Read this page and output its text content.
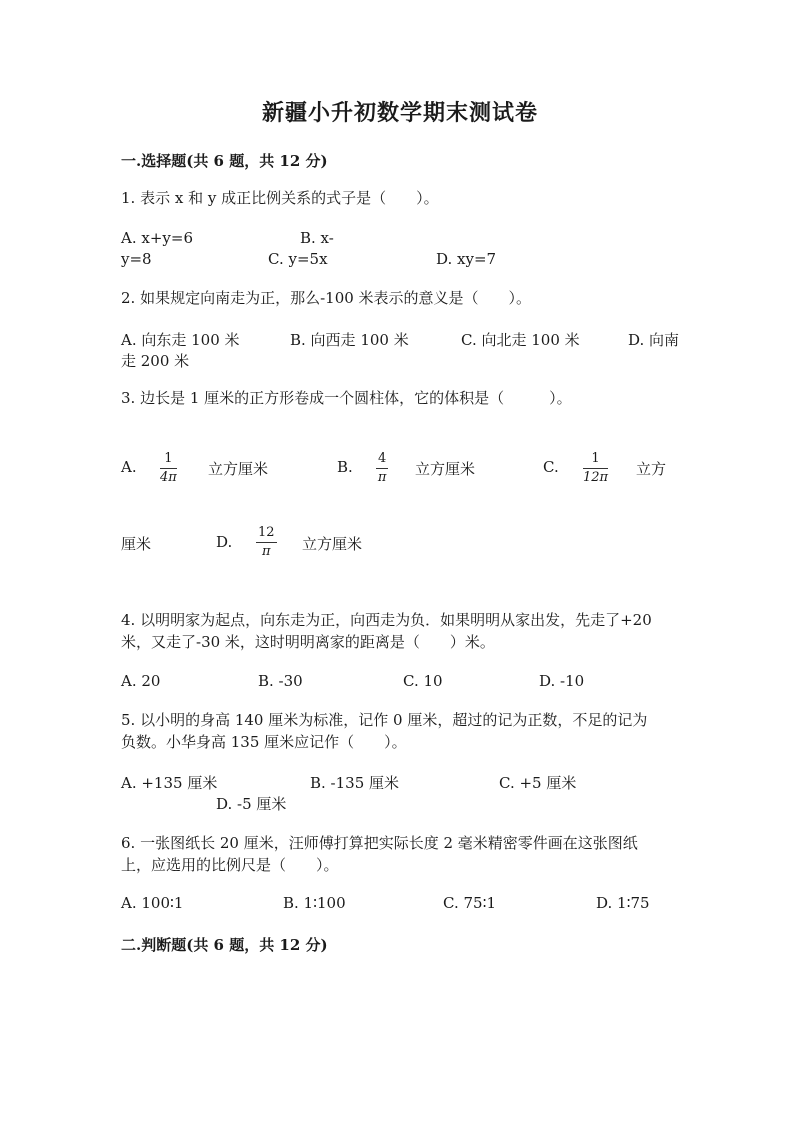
新疆小升初数学期末测试卷
一.选择题(共 6 题，共 12 分)
1. 表示 x 和 y 成正比例关系的式子是（　　）。
A. x+y=6	B. x-
y=8	C. y=5x	D. xy=7
2. 如果规定向南走为正，那么-100 米表示的意义是（　　）。
A. 向东走 100 米	B. 向西走 100 米	C. 向北走 100 米	D. 向南
走 200 米
3. 边长是 1 厘米的正方形卷成一个圆柱体，它的体积是（　　　）。
A. 1
4π 立方厘米	B. 4
π 立方厘米	C.	1
12π 立方
厘米	D.
12
π 立方厘米
4. 以明明家为起点，向东走为正，向西走为负．如果明明从家出发，先走了+20
米，又走了-30 米，这时明明离家的距离是（　　）米。
A. 20	B. -30	C. 10	D. -10
5. 以小明的身高 140 厘米为标准，记作 0 厘米，超过的记为正数，不足的记为
负数。小华身高 135 厘米应记作（　　）。
A. +135 厘米	B. -135 厘米	C. +5 厘米
D. -5 厘米
6. 一张图纸长 20 厘米，汪师傅打算把实际长度 2 毫米精密零件画在这张图纸
上，应选用的比例尺是（　　）。
A. 100∶1	B. 1∶100	C. 75∶1	D. 1∶75
二.判断题(共 6 题，共 12 分)
